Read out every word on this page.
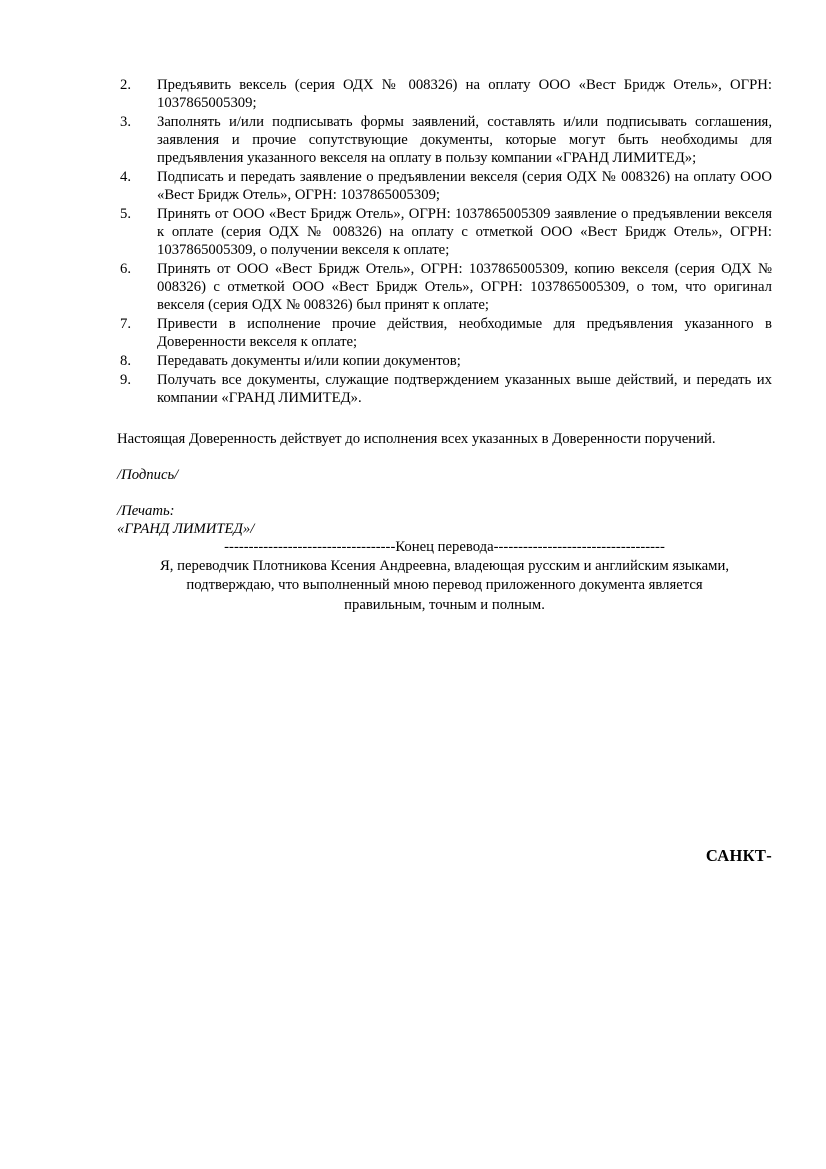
2.	Предъявить вексель (серия ОДХ № 008326) на оплату ООО «Вест Бридж Отель», ОГРН: 1037865005309;
3.	Заполнять и/или подписывать формы заявлений, составлять и/или подписывать соглашения, заявления и прочие сопутствующие документы, которые могут быть необходимы для предъявления указанного векселя на оплату в пользу компании «ГРАНД ЛИМИТЕД»;
4.	Подписать и передать заявление о предъявлении векселя (серия ОДХ № 008326) на оплату ООО «Вест Бридж Отель», ОГРН: 1037865005309;
5.	Принять от ООО «Вест Бридж Отель», ОГРН: 1037865005309 заявление о предъявлении векселя к оплате (серия ОДХ № 008326) на оплату с отметкой ООО «Вест Бридж Отель», ОГРН: 1037865005309, о получении векселя к оплате;
6.	Принять от ООО «Вест Бридж Отель», ОГРН: 1037865005309, копию векселя (серия ОДХ № 008326) с отметкой ООО «Вест Бридж Отель», ОГРН: 1037865005309, о том, что оригинал векселя (серия ОДХ № 008326) был принят к оплате;
7.	Привести в исполнение прочие действия, необходимые для предъявления указанного в Доверенности векселя к оплате;
8.	Передавать документы и/или копии документов;
9.	Получать все документы, служащие подтверждением указанных выше действий, и передать их компании «ГРАНД ЛИМИТЕД».

Настоящая Доверенность действует до исполнения всех указанных в Доверенности поручений.

/Подпись/

/Печать:

«ГРАНД ЛИМИТЕД»/

-----------------------------------Конец перевода-----------------------------------

Я, переводчик Плотникова Ксения Андреевна, владеющая русским и английским языками,

подтверждаю, что выполненный мною перевод приложенного документа является

правильным, точным и полным.

САНКТ-
